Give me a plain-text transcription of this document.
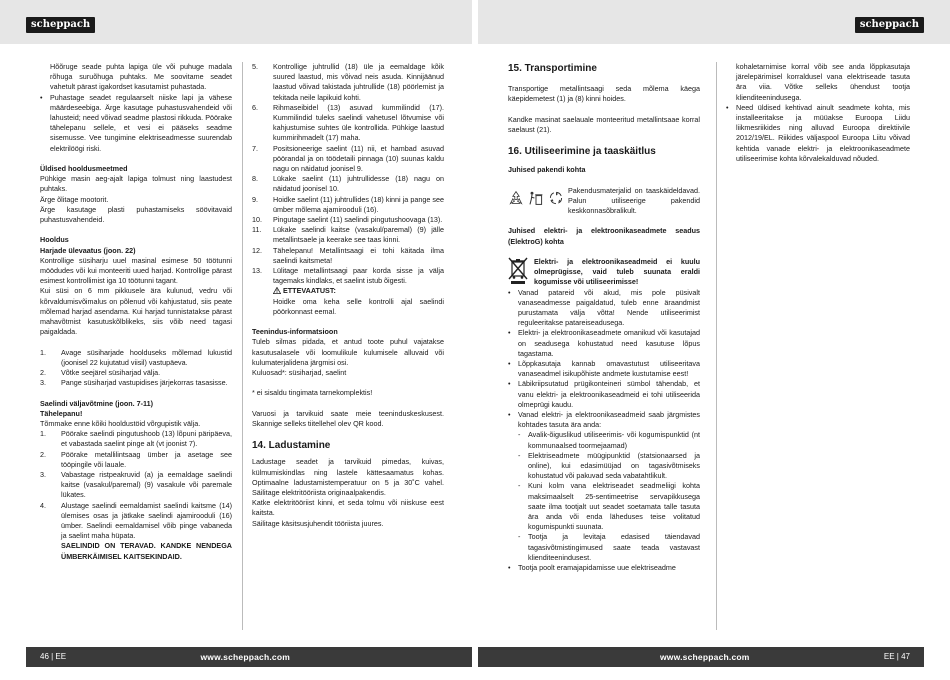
scheppach	scheppach

Hõõruge seade puhta lapiga üle või puhuge madala rõhuga suruõhuga puhtaks. Me soovitame seadet vahetult pärast igakordset kasutamist puhastada.

• Puhastage seadet regulaarselt niiske lapi ja vähese määrdeseebiga. Ärge kasutage puhastusvahendeid või lahusteid; need võivad seadme plastosi rikkuda. Pöörake tähelepanu sellele, et vesi ei pääseks seadme sisemusse. Vee tungimine elektriseadmesse suurendab elektrilöögi riski.

Üldised hooldusmeetmed

Pühkige masin aeg-ajalt lapiga tolmust ning laastudest puhtaks.

Ärge õlitage mootorit.

Ärge kasutage plasti puhastamiseks söövitavaid puhastusvahendeid.

Hooldus

Harjade ülevaatus (joon. 22)

Kontrollige süsiharju uuel masinal esimese 50 töötunni möödudes või kui monteeriti uued harjad. Kontrollige pärast esimest kontrollimist iga 10 töötunni tagant.

Kui süsi on 6 mm pikkusele ära kulunud, vedru või kõrvaldumisvõimalus on põlenud või kahjustatud, siis peate mõlemad harjad asendama. Kui harjad tunnistatakse pärast mahavõtmist kasutuskõlblikeks, siis võib need tagasi paigaldada.

1. Avage süsiharjade hoolduseks mõlemad lukustid (joonisel 22 kujutatud viisil) vastupäeva.
2. Võtke seejärel süsiharjad välja.
3. Pange süsiharjad vastupidises järjekorras tasasisse.

Saelindi väljavõtmine (joon. 7-11)

Tähelepanu!

Tõmmake enne kõiki hooldustöid võrgupistik välja.

1. Pöörake saelindi pingutushoob (13) lõpuni päripäeva, et vabastada saelint pinge alt (vt joonist 7).
2. Pöörake metallilintsaag ümber ja asetage see tööpingile või lauale.
3. Vabastage ristpeakruvid (a) ja eemaldage saelindi kaitse (vasakul/paremal) (9) vasakule või paremale lükates.
4. Alustage saelindi eemaldamist saelindi kaitsme (14) ülemises osas ja jätkake saelindi ajamirooduli (16) ümber. Saelindi eemaldamisel võib pinge vabaneda ja saelint maha hüpata.

SAELINDID ON TERAVAD. KANDKE NENDEGA ÜMBERKÄIMISEL KAITSEKINDAID.

5. Kontrollige juhtrullid (18) üle ja eemaldage kõik suured laastud, mis võivad neis asuda. Kinnijäänud laastud võivad takistada juhtrullide (18) pöörlemist ja tekitada neile lapikuid kohti.
6. Rihmaseibidel (13) asuvad kummilindid (17). Kummilindid tuleks saelindi vahetusel lõtvumise või kahjustumise suhtes üle kontrollida. Pühkige laastud kummirihmadelt (17) maha.
7. Positsioneerige saelint (11) nii, et hambad asuvad pöörandal ja on töödetaili pinnaga (10) suunas kaldu nagu on näidatud joonisel 9.
8. Lükake saelint (11) juhtrullidesse (18) nagu on näidatud joonisel 10.
9. Hoidke saelint (11) juhtrullides (18) kinni ja pange see ümber mõlema ajamirooduli (16).
10. Pingutage saelint (11) saelindi pingutushoovaga (13).
11. Lükake saelindi kaitse (vasakul/paremal) (9) jälle metallintsaele ja keerake see taas kinni.
12. Tähelepanu! Metallintsaagi ei tohi käitada ilma saelindi kaitsmeta!
13. Lülitage metallintsaagi paar korda sisse ja välja tagemaks kindlaks, et saelint istub õigesti.

ETTEVAATUST:

Hoidke oma keha selle kontrolli ajal saelindi pöörkonnast eemal.

Teenindus-informatsioon

Tuleb silmas pidada, et antud toote puhul vajatakse kasutusalasele või loomulikule kulumisele alluvaid või kulumaterjalidena järgmisi osi.

Kuluosad*: süsiharjad, saelint

* ei sisaldu tingimata tarnekomplektis!

Varuosi ja tarvikuid saate meie teeninduskeskusest. Skannige selleks tiitellehel olev QR kood.

14. Ladustamine

Ladustage seadet ja tarvikuid pimedas, kuivas, külmumiskindlas ning lastele kättesaamatus kohas. Optimaalne ladustamistemperatuur on 5 ja 30˚C vahel. Säilitage elektritööriista originaalpakendis.

Katke elektritööriist kinni, et seda tolmu või niiskuse eest kaitsta.

Säilitage käsitsusjuhendit tööriista juures.

15. Transportimine

Transportige metallintsaagi seda mõlema käega käepidemetest (1) ja (8) kinni hoides.

Kandke masinat saelauale monteeritud metallintsaae korral saelaust (21).

16. Utiliseerimine ja taaskäitlus

Juhised pakendi kohta

Pakendusmaterjalid on taaskäideldavad. Palun utiliseerige pakendid keskkonnasõbralikult.

Juhised elektri- ja elektroonikaseadmete seadus (ElektroG) kohta

Elektri- ja elektroonikaseadmeid ei kuulu olmeprügisse, vaid tuleb suunata eraldi kogumisse või utiliseerimisse!

• Vanad patareid või akud, mis pole püsivalt vanaseadmesse paigaldatud, tuleb enne äraandmist purustamata välja võtta! Nende utiliseerimist reguleeritakse patareiseadusega.
• Elektri- ja elektroonikaseadmete omanikud või kasutajad on seadusega kohustatud need kasutuse lõpus tagastama.
• Lõppkasutaja kannab omavastutust utiliseeritava vanaseadmel isikupõhiste andmete kustutamise eest!
• Läbikriipsutatud prügikonteineri sümbol tähendab, et vanu elektri- ja elektroonikaseadmeid ei tohi utiliseerida olmeprügi kaudu.
• Vanad elektri- ja elektroonikaseadmeid saab järgmistes kohtades tasuta ära anda:
- Avalik-õiguslikud utiliseerimis- või kogumispunktid (nt kommunaalsed toormejaamad)
- Elektriseadmete müügipunktid (statsionaarsed ja online), kui edasimüüjad on tagasivõtmiseks kohustatud või pakuvad seda vabatahtlikult.
- Kuni kolm vana elektriseadet seadmeliigi kohta maksimaalselt 25-sentimeetrise servapikkusega saate ilma tootjalt uut seadet soetamata talle tasuta ära anda või enda läheduses teise volitatud kogumispunkti suunata.
- Tootja ja levitaja edasised täiendavad tagasivõtmistingimused saate teada vastavast klienditeenindusest.
• Tootja poolt eramajapidamisse uue elektriseadme

kohaletarnimise korral võib see anda lõppkasutaja järelepärimisel korraldusel vana elektriseade tasuta ära viia. Võtke selleks ühendust tootja klienditeenindusega.

• Need üldised kehtivad ainult seadmete kohta, mis installeeritakse ja müüakse Euroopa Liidu liikmesriikides ning alluvad Euroopa direktiivile 2012/19/EL. Riikides väljaspool Euroopa Liitu võivad kehtida vanade elektri- ja elektroonikaseadmete utiliseerimise kohta kõrvalekalduvad nõuded.
46 | EE	www.scheppach.com	www.scheppach.com	EE | 47
